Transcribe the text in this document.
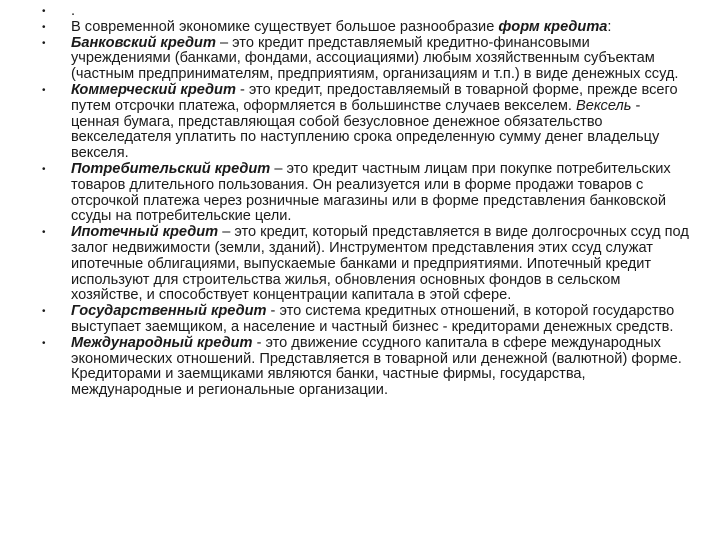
• .
• В современной экономике существует большое разнообразие форм кредита:
• Банковский кредит – это кредит представляемый кредитно-финансовыми учреждениями (банками, фондами, ассоциациями) любым хозяйственным субъектам (частным предпринимателям, предприятиям, организациям и т.п.) в виде денежных ссуд.
• Коммерческий кредит - это кредит, предоставляемый в товарной форме, прежде всего путем отсрочки платежа, оформляется в большинстве случаев векселем. Вексель - ценная бумага, представляющая собой безусловное денежное обязательство векселедателя уплатить по наступлению срока определенную сумму денег владельцу векселя.
• Потребительский кредит – это кредит частным лицам при покупке потребительских товаров длительного пользования. Он реализуется или в форме продажи товаров с отсрочкой платежа через розничные магазины или в форме представления банковской ссуды на потребительские цели.
• Ипотечный кредит – это кредит, который представляется в виде долгосрочных ссуд под залог недвижимости (земли, зданий). Инструментом представления этих ссуд служат ипотечные облигациями, выпускаемые банками и предприятиями. Ипотечный кредит используют для строительства жилья, обновления основных фондов в сельском хозяйстве, и способствует концентрации капитала в этой сфере.
• Государственный кредит - это система кредитных отношений, в которой государство выступает заемщиком, а население и частный бизнес - кредиторами денежных средств.
• Международный кредит - это движение ссудного капитала в сфере международных экономических отношений. Представляется в товарной или денежной (валютной) форме. Кредиторами и заемщиками являются банки, частные фирмы, государства, международные и региональные организации.
